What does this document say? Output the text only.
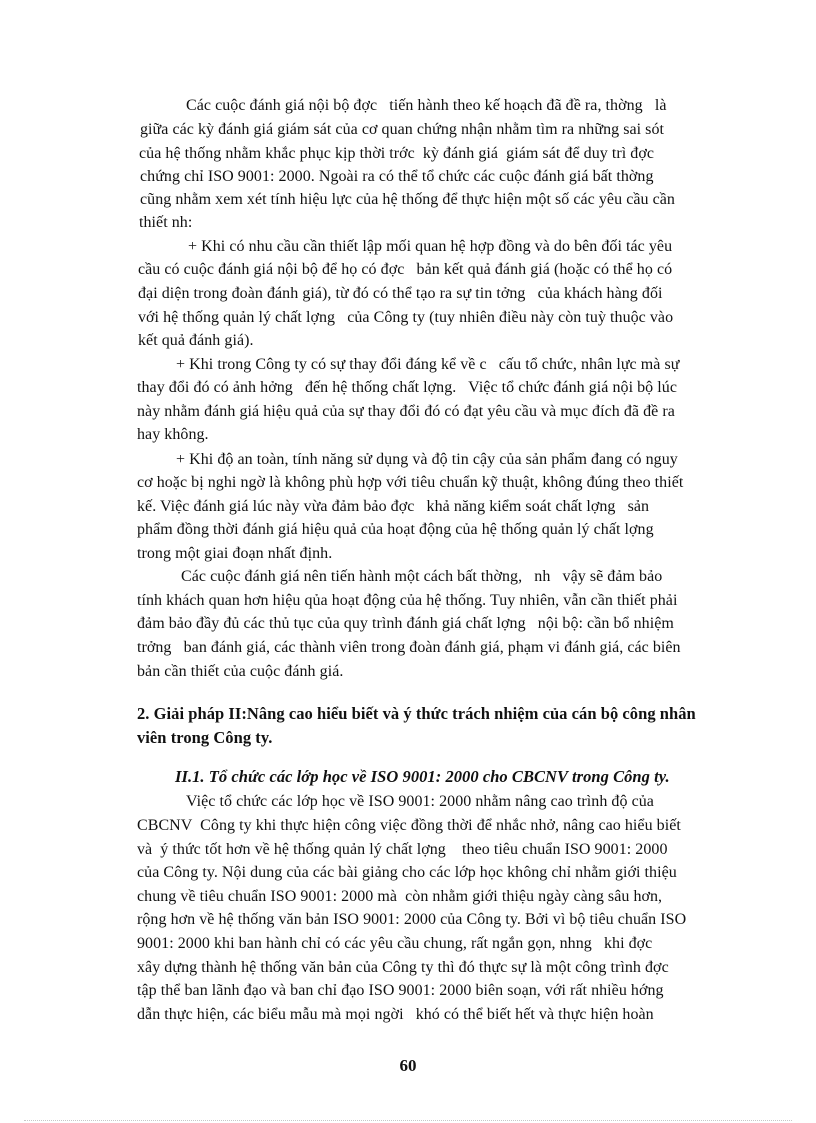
Các cuộc đánh giá nội bộ đợc   tiến hành theo kế hoạch đã đề ra, thờng   là
giữa các kỳ đánh giá giám sát của cơ quan chứng nhận nhằm tìm ra những sai sót
của hệ thống nhằm khắc phục kịp thời trớc  kỳ đánh giá  giám sát để duy trì đợc
chứng chỉ ISO 9001: 2000. Ngoài ra có thể tổ chức các cuộc đánh giá bất thờng
cũng nhằm xem xét tính hiệu lực của hệ thống để thực hiện một số các yêu cầu cần
thiết nh:
+ Khi có nhu cầu cần thiết lập mối quan hệ hợp đồng và do bên đối tác yêu
cầu có cuộc đánh giá nội bộ để họ có đợc   bản kết quả đánh giá (hoặc có thể họ có
đại diện trong đoàn đánh giá), từ đó có thể tạo ra sự tin tởng   của khách hàng đối
với hệ thống quản lý chất lợng   của Công ty (tuy nhiên điều này còn tuỳ thuộc vào
kết quả đánh giá).
+ Khi trong Công ty có sự thay đổi đáng kể về c   cấu tổ chức, nhân lực mà sự
thay đổi đó có ảnh hởng   đến hệ thống chất lợng.   Việc tổ chức đánh giá nội bộ lúc
này nhằm đánh giá hiệu quả của sự thay đổi đó có đạt yêu cầu và mục đích đã đề ra
hay không.
+ Khi độ an toàn, tính năng sử dụng và độ tin cậy của sản phẩm đang có nguy
cơ hoặc bị nghi ngờ là không phù hợp với tiêu chuẩn kỹ thuật, không đúng theo thiết
kế. Việc đánh giá lúc này vừa đảm bảo đợc   khả năng kiểm soát chất lợng   sản
phẩm đồng thời đánh giá hiệu quả của hoạt động của hệ thống quản lý chất lợng
trong một giai đoạn nhất định.
Các cuộc đánh giá nên tiến hành một cách bất thờng,   nh   vậy sẽ đảm bảo
tính khách quan hơn hiệu qủa hoạt động của hệ thống. Tuy nhiên, vẫn cần thiết phải
đảm bảo đầy đủ các thủ tục của quy trình đánh giá chất lợng   nội bộ: cần bổ nhiệm
trởng   ban đánh giá, các thành viên trong đoàn đánh giá, phạm vi đánh giá, các biên
bản cần thiết của cuộc đánh giá.
2. Giải pháp II:Nâng cao hiểu biết và ý thức trách nhiệm của cán bộ công nhân
viên trong Công ty.
II.1. Tổ chức các lớp học về ISO 9001: 2000 cho CBCNV trong Công ty.
Việc tổ chức các lớp học về ISO 9001: 2000 nhằm nâng cao trình độ của
CBCNV  Công ty khi thực hiện công việc đồng thời để nhắc nhở, nâng cao hiểu biết
và  ý thức tốt hơn về hệ thống quản lý chất lợng    theo tiêu chuẩn ISO 9001: 2000
của Công ty. Nội dung của các bài giảng cho các lớp học không chỉ nhằm giới thiệu
chung về tiêu chuẩn ISO 9001: 2000 mà  còn nhằm giới thiệu ngày càng sâu hơn,
rộng hơn về hệ thống văn bản ISO 9001: 2000 của Công ty. Bởi vì bộ tiêu chuẩn ISO
9001: 2000 khi ban hành chỉ có các yêu cầu chung, rất ngắn gọn, nhng   khi đợc
xây dựng thành hệ thống văn bản của Công ty thì đó thực sự là một công trình đợc
tập thể ban lãnh đạo và ban chỉ đạo ISO 9001: 2000 biên soạn, với rất nhiều hớng
dẫn thực hiện, các biểu mẫu mà mọi ngời   khó có thể biết hết và thực hiện hoàn
60
